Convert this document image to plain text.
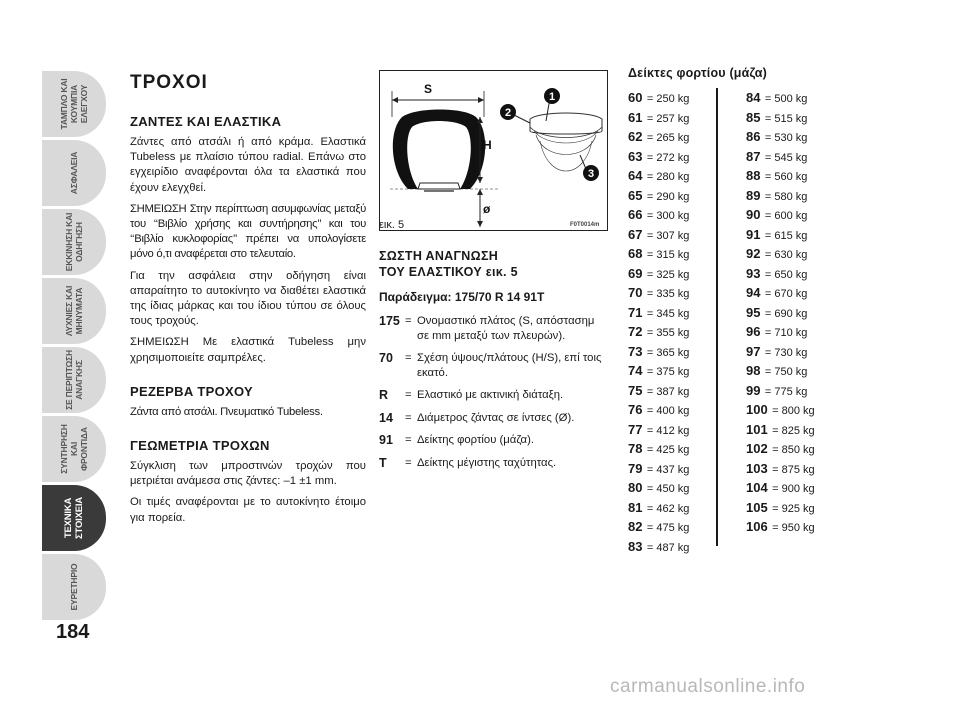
ΤΑΜΠΛΟ ΚΑΙ
ΚΟΥΜΠΙΑ
ΕΛΕΓΧΟΥ
ΑΣΦΑΛΕΙΑ
ΕΚΚΙΝΗΣΗ ΚΑΙ
ΟΔΗΓΗΣΗ
ΛΥΧΝΙΕΣ ΚΑΙ
ΜΗΝΥΜΑΤΑ
ΣΕ ΠΕΡΙΠΤΩΣΗ
ΑΝΑΓΚΗΣ
ΣΥΝΤΗΡΗΣΗ ΚΑΙ
ΦΡΟΝΤΙΔΑ
ΤΕΧΝΙΚΑ
ΣΤΟΙΧΕΙΑ
ΕΥΡΕΤΗΡΙΟ
184
ΤΡΟΧΟΙ
ΖΑΝΤΕΣ ΚΑΙ ΕΛΑΣΤΙΚΑ

Ζάντες από ατσάλι ή από κράμα. Ελαστικά Tubeless με πλαίσιο τύπου radial. Επάνω στο εγχειρίδιο αναφέρονται όλα τα ελαστικά που έχουν ελεγχθεί.

ΣΗΜΕΙΩΣΗ Στην περίπτωση ασυμφωνίας μεταξύ του ‘‘Βιβλίο χρήσης και συντήρησης’’ και του ‘‘Βιβλίο κυκλοφορίας’’ πρέπει να υπολογίσετε μόνο ό,τι αναφέρεται στο τελευταίο.

Για την ασφάλεια στην οδήγηση είναι απαραίτητο το αυτοκίνητο να διαθέτει ελαστικά της ίδιας μάρκας και του ίδιου τύπου σε όλους τους τροχούς.

ΣΗΜΕΙΩΣΗ Με ελαστικά Tubeless μην χρησιμοποιείτε σαμπρέλες.

ΡΕΖΕΡΒΑ ΤΡΟΧΟΥ

Ζάντα από ατσάλι. Πνευματικό Tubeless.

ΓΕΩΜΕΤΡΙΑ ΤΡΟΧΩΝ

Σύγκλιση των μπροστινών τροχών που μετριέται ανάμεσα στις ζάντες: –1 ±1 mm.

Οι τιμές αναφέρονται με το αυτοκίνητο έτοιμο για πορεία.

H
ø
S
1
2
3
εικ. 5	F0T0014m
ΣΩΣΤΗ ΑΝΑΓΝΩΣΗ
ΤΟΥ ΕΛΑΣΤΙΚΟΥ εικ. 5
Παράδειγμα: 175/70 R 14 91T
175 = Ονομαστικό πλάτος (S, απόστασημ σε mm μεταξύ των πλευρών).
70	= Σχέση ύψους/πλάτους (H/S), επί τοις εκατό.
R	= Ελαστικό με ακτινική διάταξη.
14	= Διάμετρος ζάντας σε ίντσες (Ø).
91	= Δείκτης φορτίου (μάζα).
T	= Δείκτης μέγιστης ταχύτητας.
Δείκτες φορτίου (μάζα)
60 = 250 kg
61 = 257 kg
62 = 265 kg
63 = 272 kg
64 = 280 kg
65 = 290 kg
66 = 300 kg
67 = 307 kg
68 = 315 kg
69 = 325 kg
70 = 335 kg
71 = 345 kg
72 = 355 kg
73 = 365 kg
74 = 375 kg
75 = 387 kg
76 = 400 kg
77 = 412 kg
78 = 425 kg
79 = 437 kg
80 = 450 kg
81 = 462 kg
82 = 475 kg
83 = 487 kg
84 = 500 kg
85 = 515 kg
86 = 530 kg
87 = 545 kg
88 = 560 kg
89 = 580 kg
90 = 600 kg
91 = 615 kg
92 = 630 kg
93 = 650 kg
94 = 670 kg
95 = 690 kg
96 = 710 kg
97 = 730 kg
98 = 750 kg
99 = 775 kg
100 = 800 kg
101 = 825 kg
102 = 850 kg
103 = 875 kg
104 = 900 kg
105 = 925 kg
106 = 950 kg
carmanualsonline.info
